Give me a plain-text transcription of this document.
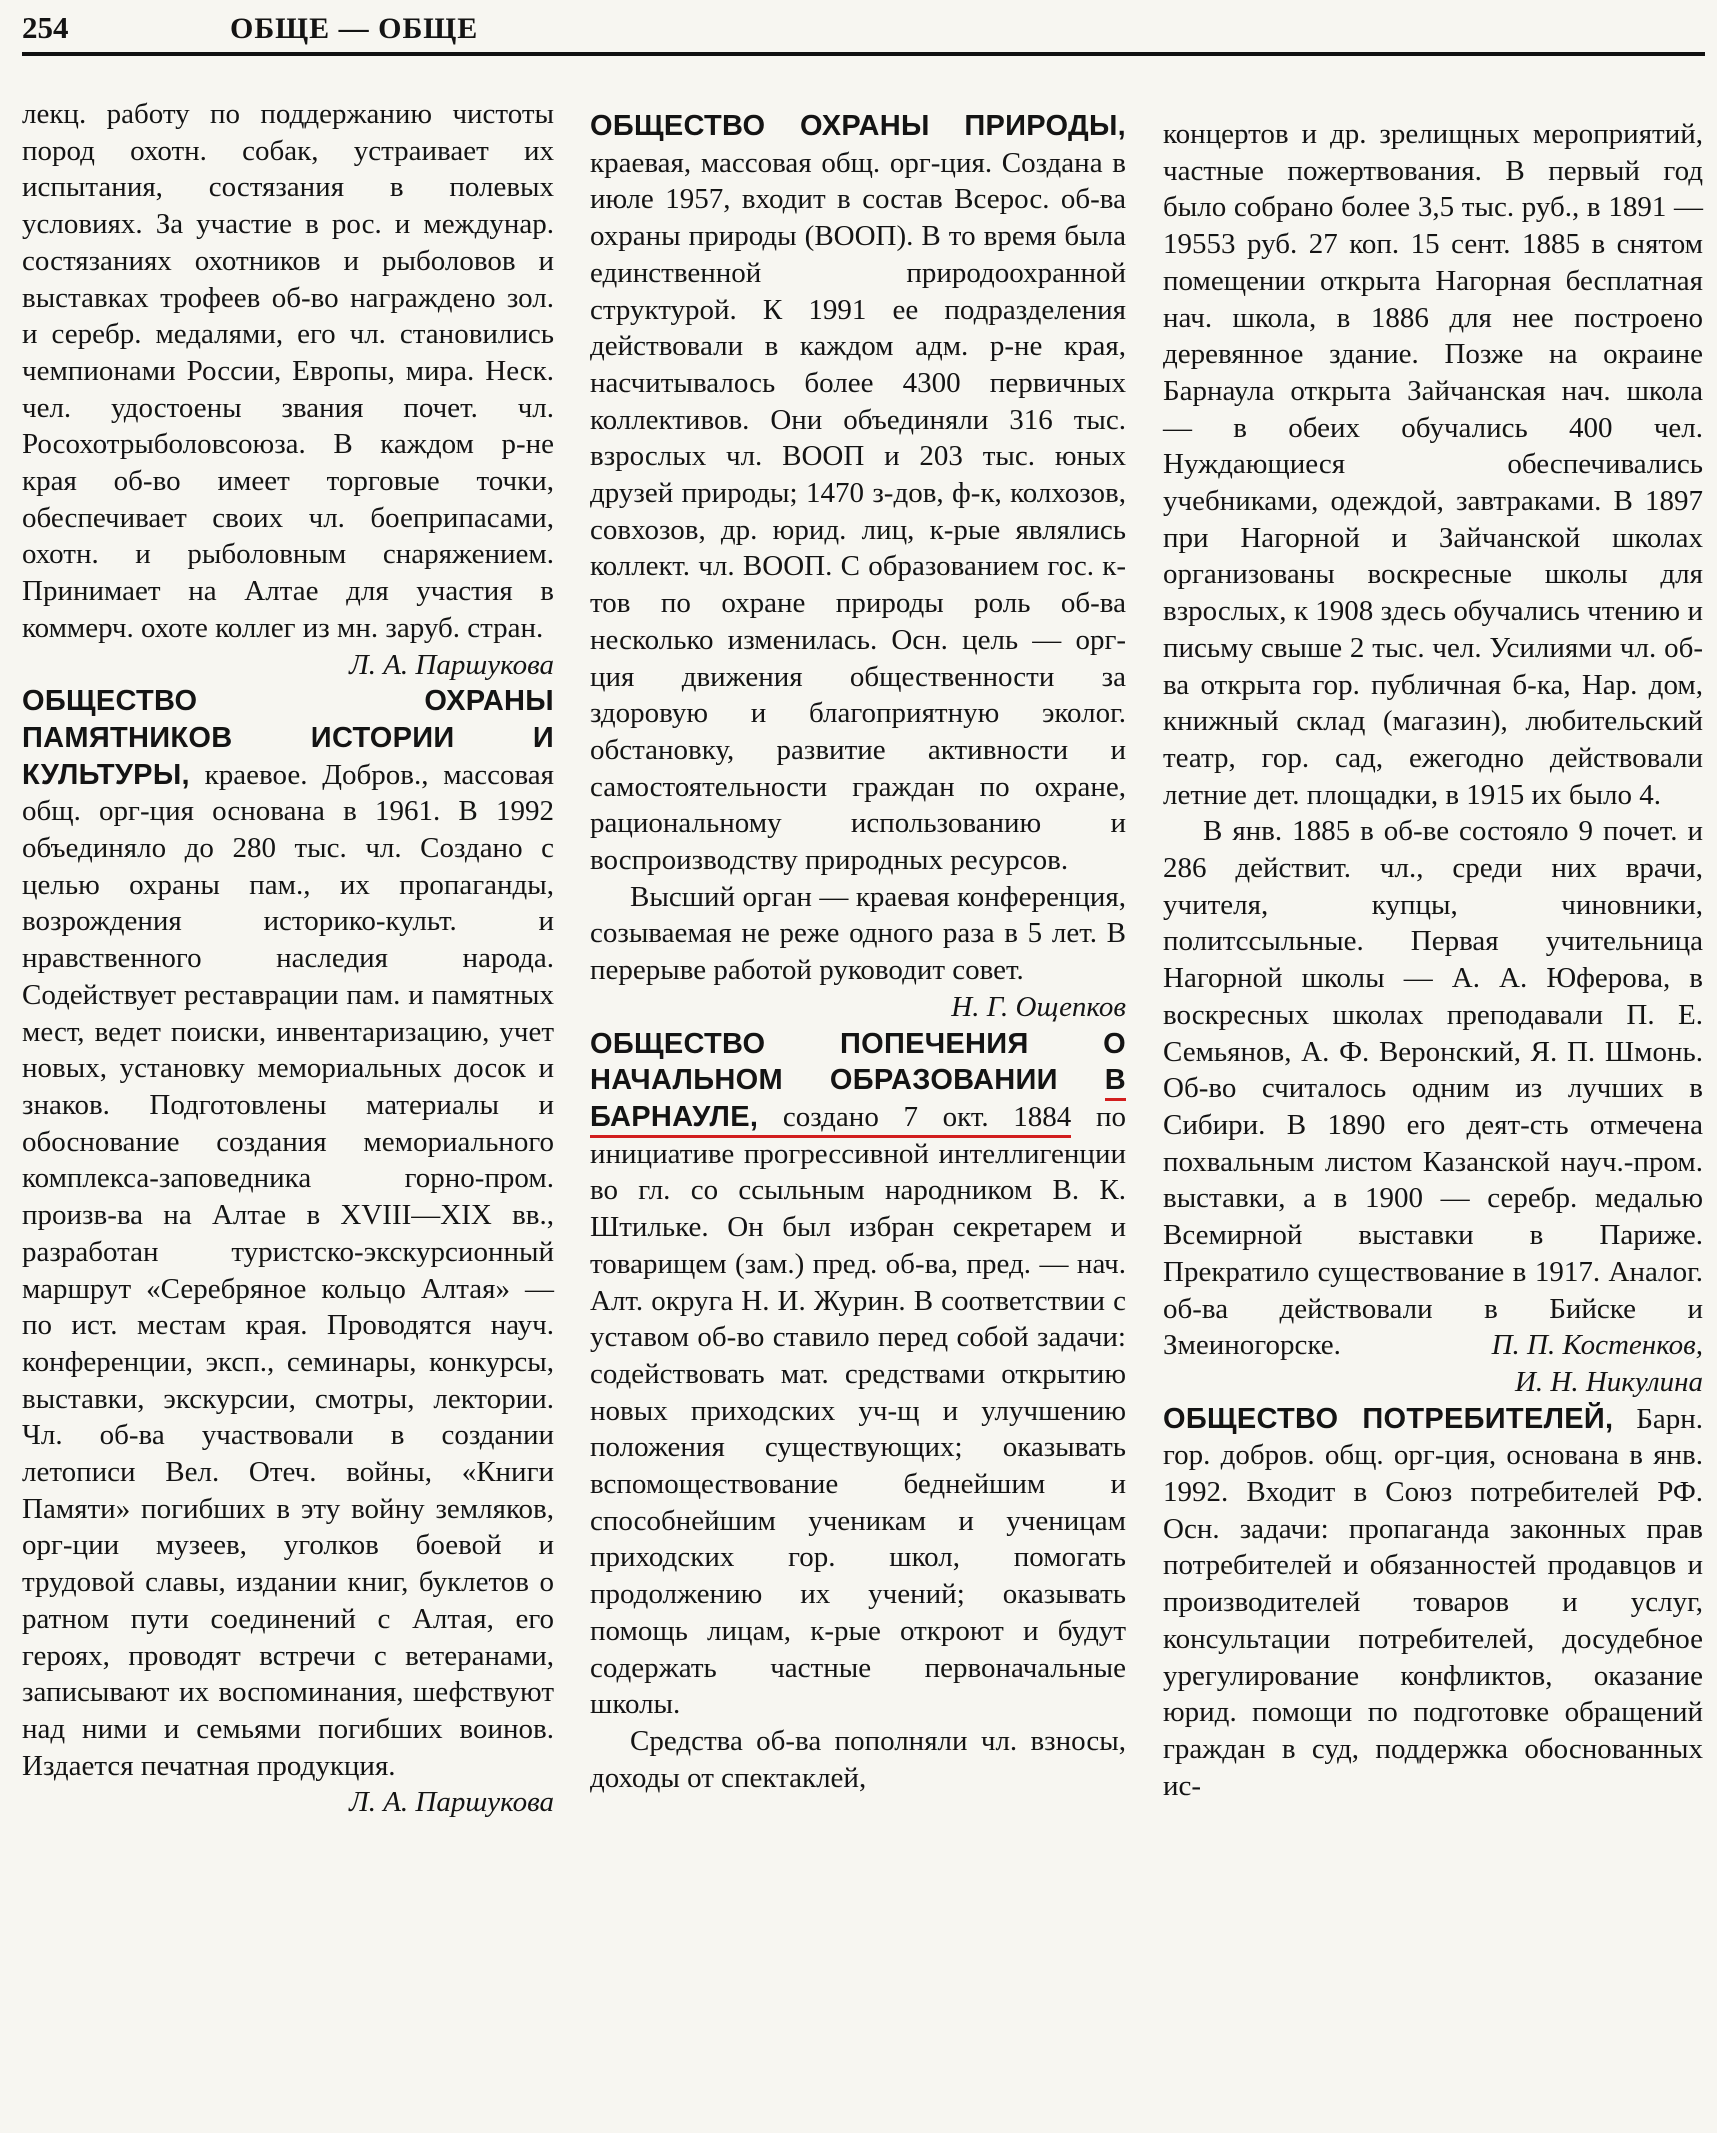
254	ОБЩЕ — ОБЩЕ

лекц. работу по поддержанию чистоты пород охотн. собак, устраивает их испытания, состязания в полевых условиях. За участие в рос. и междунар. состязаниях охотников и рыболовов и выставках трофеев об-во награждено зол. и серебр. медалями, его чл. становились чемпионами России, Европы, мира. Неск. чел. удостоены звания почет. чл. Росохотрыболовсоюза. В каждом р-не края об-во имеет торговые точки, обеспечивает своих чл. боеприпасами, охотн. и рыболовным снаряжением. Принимает на Алтае для участия в коммерч. охоте коллег из мн. заруб. стран.
Л. А. Паршукова

ОБЩЕСТВО ОХРАНЫ ПАМЯТНИКОВ ИСТОРИИ И КУЛЬТУРЫ, краевое. Добров., массовая общ. орг-ция основана в 1961. В 1992 объединяло до 280 тыс. чл. Создано с целью охраны пам., их пропаганды, возрождения историко-культ. и нравственного наследия народа. Содействует реставрации пам. и памятных мест, ведет поиски, инвентаризацию, учет новых, установку мемориальных досок и знаков. Подготовлены материалы и обоснование создания мемориального комплекса-заповедника горно-пром. произв-ва на Алтае в XVIII—XIX вв., разработан туристско-экскурсионный маршрут «Серебряное кольцо Алтая» — по ист. местам края. Проводятся науч. конференции, эксп., семинары, конкурсы, выставки, экскурсии, смотры, лектории. Чл. об-ва участвовали в создании летописи Вел. Отеч. войны, «Книги Памяти» погибших в эту войну земляков, орг-ции музеев, уголков боевой и трудовой славы, издании книг, буклетов о ратном пути соединений с Алтая, его героях, проводят встречи с ветеранами, записывают их воспоминания, шефствуют над ними и семьями погибших воинов. Издается печатная продукция.

Л. А. Паршукова

ОБЩЕСТВО ОХРАНЫ ПРИРОДЫ, краевая, массовая общ. орг-ция. Создана в июле 1957, входит в состав Всерос. об-ва охраны природы (ВООП). В то время была единственной природоохранной структурой. К 1991 ее подразделения действовали в каждом адм. р-не края, насчитывалось более 4300 первичных коллективов. Они объединяли 316 тыс. взрослых чл. ВООП и 203 тыс. юных друзей природы; 1470 з-дов, ф-к, колхозов, совхозов, др. юрид. лиц, к-рые являлись коллект. чл. ВООП. С образованием гос. к-тов по охране природы роль об-ва несколько изменилась. Осн. цель — орг-ция движения общественности за здоровую и благоприятную эколог. обстановку, развитие активности и самостоятельности граждан по охране, рациональному использованию и воспроизводству природных ресурсов.

Высший орган — краевая конференция, созываемая не реже одного раза в 5 лет. В перерыве работой руководит совет.

Н. Г. Ощепков

ОБЩЕСТВО ПОПЕЧЕНИЯ О НАЧАЛЬНОМ ОБРАЗОВАНИИ В БАРНАУЛЕ, создано 7 окт. 1884 по инициативе прогрессивной интеллигенции во гл. со ссыльным народником В. К. Штильке. Он был избран секретарем и товарищем (зам.) пред. об-ва, пред. — нач. Алт. округа Н. И. Журин. В соответствии с уставом об-во ставило перед собой задачи: содействовать мат. средствами открытию новых приходских уч-щ и улучшению положения существующих; оказывать вспомоществование беднейшим и способнейшим ученикам и ученицам приходских гор. школ, помогать продолжению их учений; оказывать помощь лицам, к-рые откроют и будут содержать частные первоначальные школы.

Средства об-ва пополняли чл. взносы, доходы от спектаклей,

концертов и др. зрелищных мероприятий, частные пожертвования. В первый год было собрано более 3,5 тыс. руб., в 1891 — 19553 руб. 27 коп. 15 сент. 1885 в снятом помещении открыта Нагорная бесплатная нач. школа, в 1886 для нее построено деревянное здание. Позже на окраине Барнаула открыта Зайчанская нач. школа — в обеих обучались 400 чел. Нуждающиеся обеспечивались учебниками, одеждой, завтраками. В 1897 при Нагорной и Зайчанской школах организованы воскресные школы для взрослых, к 1908 здесь обучались чтению и письму свыше 2 тыс. чел. Усилиями чл. об-ва открыта гор. публичная б-ка, Нар. дом, книжный склад (магазин), любительский театр, гор. сад, ежегодно действовали летние дет. площадки, в 1915 их было 4.

В янв. 1885 в об-ве состояло 9 почет. и 286 действит. чл., среди них врачи, учителя, купцы, чиновники, политссыльные. Первая учительница Нагорной школы — А. А. Юферова, в воскресных школах преподавали П. Е. Семьянов, А. Ф. Веронский, Я. П. Шмонь. Об-во считалось одним из лучших в Сибири. В 1890 его деят-сть отмечена похвальным листом Казанской науч.-пром. выставки, а в 1900 — серебр. медалью Всемирной выставки в Париже. Прекратило существование в 1917. Аналог. об-ва действовали в Бийске и Змеиногорске.	П. П. Костенков,

И. Н. Никулина

ОБЩЕСТВО ПОТРЕБИТЕЛЕЙ, Барн. гор. добров. общ. орг-ция, основана в янв. 1992. Входит в Союз потребителей РФ. Осн. задачи: пропаганда законных прав потребителей и обязанностей продавцов и производителей товаров и услуг, консультации потребителей, досудебное урегулирование конфликтов, оказание юрид. помощи по подготовке обращений граждан в суд, поддержка обоснованных ис-
